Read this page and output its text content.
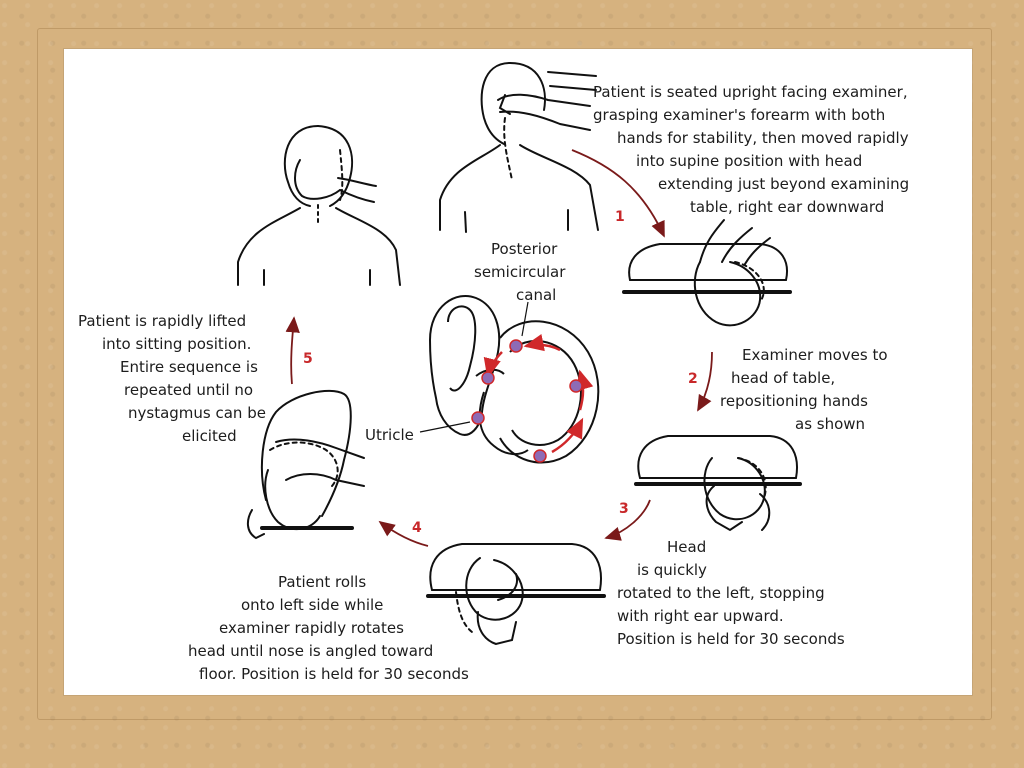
1
2
3
4
5
Patient is seated upright facing examiner,
grasping examiner's forearm with both
hands for stability, then moved rapidly
into supine position with head
extending just beyond examining
table, right ear downward
Examiner moves to
head of table,
repositioning hands
as shown
Head
is quickly
rotated to the left, stopping
with right ear upward.
Position is held for 30 seconds
Patient rolls
onto left side while
examiner rapidly rotates
head until nose is angled toward
floor. Position is held for 30 seconds
Patient is rapidly lifted
into sitting position.
Entire sequence is
repeated until no
nystagmus can be
elicited
Posterior
semicircular
canal
Utricle
